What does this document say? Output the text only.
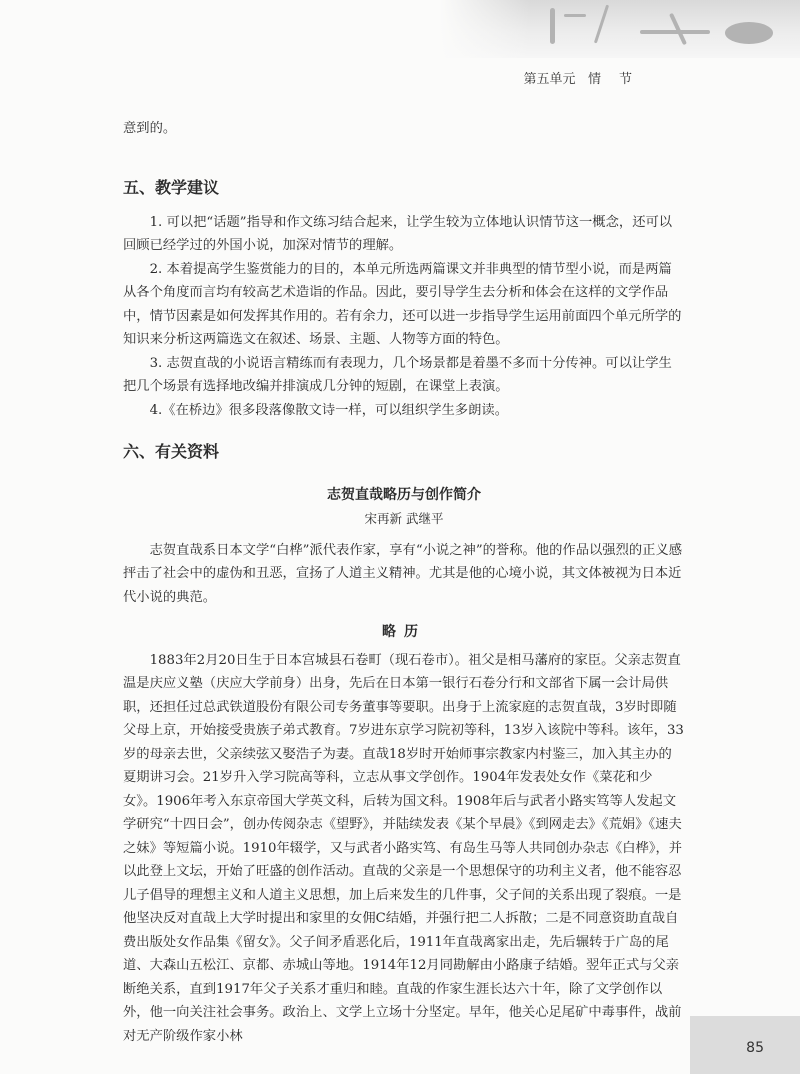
第五单元 情 节

意到的。

五、教学建议

1. 可以把“话题”指导和作文练习结合起来，让学生较为立体地认识情节这一概念，还可以回顾已经学过的外国小说，加深对情节的理解。

2. 本着提高学生鉴赏能力的目的，本单元所选两篇课文并非典型的情节型小说，而是两篇从各个角度而言均有较高艺术造诣的作品。因此，要引导学生去分析和体会在这样的文学作品中，情节因素是如何发挥其作用的。若有余力，还可以进一步指导学生运用前面四个单元所学的知识来分析这两篇选文在叙述、场景、主题、人物等方面的特色。

3. 志贺直哉的小说语言精练而有表现力，几个场景都是着墨不多而十分传神。可以让学生把几个场景有选择地改编并排演成几分钟的短剧，在课堂上表演。

4.《在桥边》很多段落像散文诗一样，可以组织学生多朗读。

六、有关资料

志贺直哉略历与创作简介

宋再新 武继平

志贺直哉系日本文学“白桦”派代表作家，享有“小说之神”的誉称。他的作品以强烈的正义感抨击了社会中的虚伪和丑恶，宣扬了人道主义精神。尤其是他的心境小说，其文体被视为日本近代小说的典范。

略历

1883年2月20日生于日本宫城县石卷町（现石卷市）。祖父是相马藩府的家臣。父亲志贺直温是庆应义塾（庆应大学前身）出身，先后在日本第一银行石卷分行和文部省下属一会计局供职，还担任过总武铁道股份有限公司专务董事等要职。出身于上流家庭的志贺直哉，3岁时即随父母上京，开始接受贵族子弟式教育。7岁进东京学习院初等科，13岁入该院中等科。该年，33岁的母亲去世，父亲续弦又娶浩子为妻。直哉18岁时开始师事宗教家内村鉴三，加入其主办的夏期讲习会。21岁升入学习院高等科，立志从事文学创作。1904年发表处女作《菜花和少女》。1906年考入东京帝国大学英文科，后转为国文科。1908年后与武者小路实笃等人发起文学研究“十四日会”，创办传阅杂志《望野》，并陆续发表《某个早晨》《到网走去》《荒娟》《速夫之妹》等短篇小说。1910年辍学，又与武者小路实笃、有岛生马等人共同创办杂志《白桦》，并以此登上文坛，开始了旺盛的创作活动。直哉的父亲是一个思想保守的功利主义者，他不能容忍儿子倡导的理想主义和人道主义思想，加上后来发生的几件事，父子间的关系出现了裂痕。一是他坚决反对直哉上大学时提出和家里的女佣C结婚，并强行把二人拆散；二是不同意资助直哉自费出版处女作品集《留女》。父子间矛盾恶化后，1911年直哉离家出走，先后辗转于广岛的尾道、大森山五松江、京都、赤城山等地。1914年12月同勘解由小路康子结婚。翌年正式与父亲断绝关系，直到1917年父子关系才重归和睦。直哉的作家生涯长达六十年，除了文学创作以外，他一向关注社会事务。政治上、文学上立场十分坚定。早年，他关心足尾矿中毒事件，战前对无产阶级作家小林

85
